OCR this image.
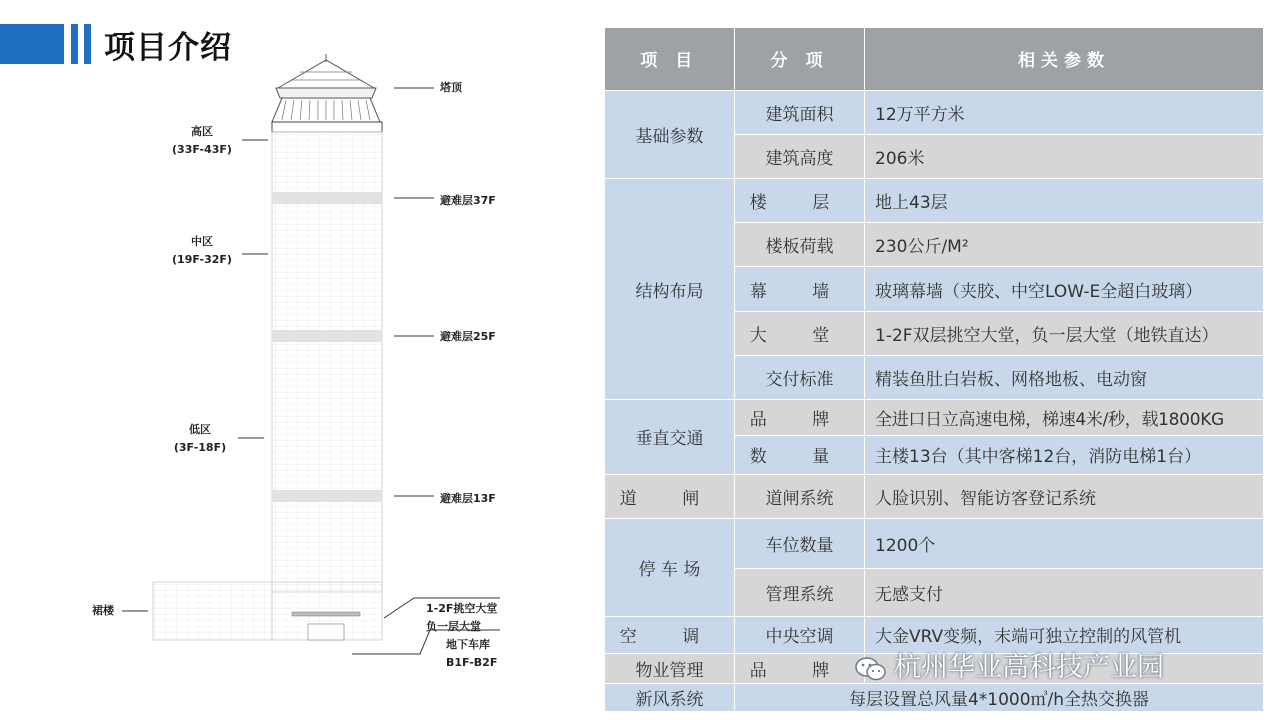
项目介绍
高区
(33F-43F)
中区
(19F-32F)
低区
(3F-18F)
裙楼
塔顶
避难层37F
避难层25F
避难层13F
1-2F挑空大堂
负一层大堂
地下车库
B1F-B2F
项 目	分 项	相关参数
基础参数	建筑面积	12万平方米
	建筑高度	206米
结构布局	楼 层	地上43层
	楼板荷载	230公斤/M²
	幕 墙	玻璃幕墙（夹胶、中空LOW-E全超白玻璃）
	大 堂	1-2F双层挑空大堂，负一层大堂（地铁直达）
	交付标准	精装鱼肚白岩板、网格地板、电动窗
垂直交通	品 牌	全进口日立高速电梯，梯速4米/秒，载1800KG
	数 量	主楼13台（其中客梯12台，消防电梯1台）
道 闸	道闸系统	人脸识别、智能访客登记系统
停 车 场	车位数量	1200个
	管理系统	无感支付
空 调	中央空调	大金VRV变频，末端可独立控制的风管机
物业管理	品 牌	
新风系统	每层设置总风量4*1000㎥/h全热交换器	
杭州华业高科技产业园
